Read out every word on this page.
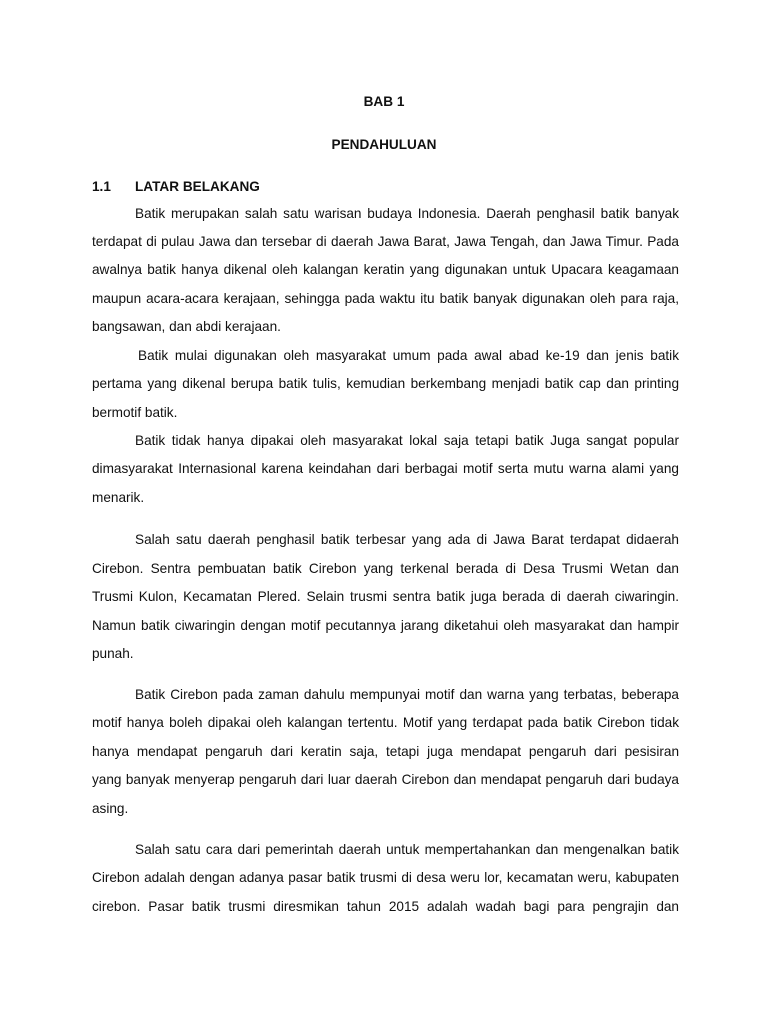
BAB 1
PENDAHULUAN
1.1 LATAR BELAKANG
Batik merupakan salah satu warisan budaya Indonesia. Daerah penghasil batik banyak
terdapat di pulau Jawa dan tersebar di daerah Jawa Barat, Jawa Tengah, dan Jawa Timur. Pada
awalnya batik hanya dikenal oleh kalangan keratin yang digunakan untuk Upacara keagamaan
maupun acara-acara kerajaan, sehingga pada waktu itu batik banyak digunakan oleh para raja,
bangsawan, dan abdi kerajaan.
Batik mulai digunakan oleh masyarakat umum pada awal abad ke-19 dan jenis batik
pertama yang dikenal berupa batik tulis, kemudian berkembang menjadi batik cap dan printing
bermotif batik.
Batik tidak hanya dipakai oleh masyarakat lokal saja tetapi batik Juga sangat popular
dimasyarakat Internasional karena keindahan dari berbagai motif serta mutu warna alami yang
menarik.
Salah satu daerah penghasil batik terbesar yang ada di Jawa Barat terdapat didaerah
Cirebon. Sentra pembuatan batik Cirebon yang terkenal berada di Desa Trusmi Wetan dan
Trusmi Kulon, Kecamatan Plered. Selain trusmi sentra batik juga berada di daerah ciwaringin.
Namun batik ciwaringin dengan motif pecutannya jarang diketahui oleh masyarakat dan hampir
punah.
Batik Cirebon pada zaman dahulu mempunyai motif dan warna yang terbatas, beberapa
motif hanya boleh dipakai oleh kalangan tertentu. Motif yang terdapat pada batik Cirebon tidak
hanya mendapat pengaruh dari keratin saja, tetapi juga mendapat pengaruh dari pesisiran
yang banyak menyerap pengaruh dari luar daerah Cirebon dan mendapat pengaruh dari budaya
asing.
Salah satu cara dari pemerintah daerah untuk mempertahankan dan mengenalkan batik
Cirebon adalah dengan adanya pasar batik trusmi di desa weru lor, kecamatan weru, kabupaten
cirebon. Pasar batik trusmi diresmikan tahun 2015 adalah wadah bagi para pengrajin dan
